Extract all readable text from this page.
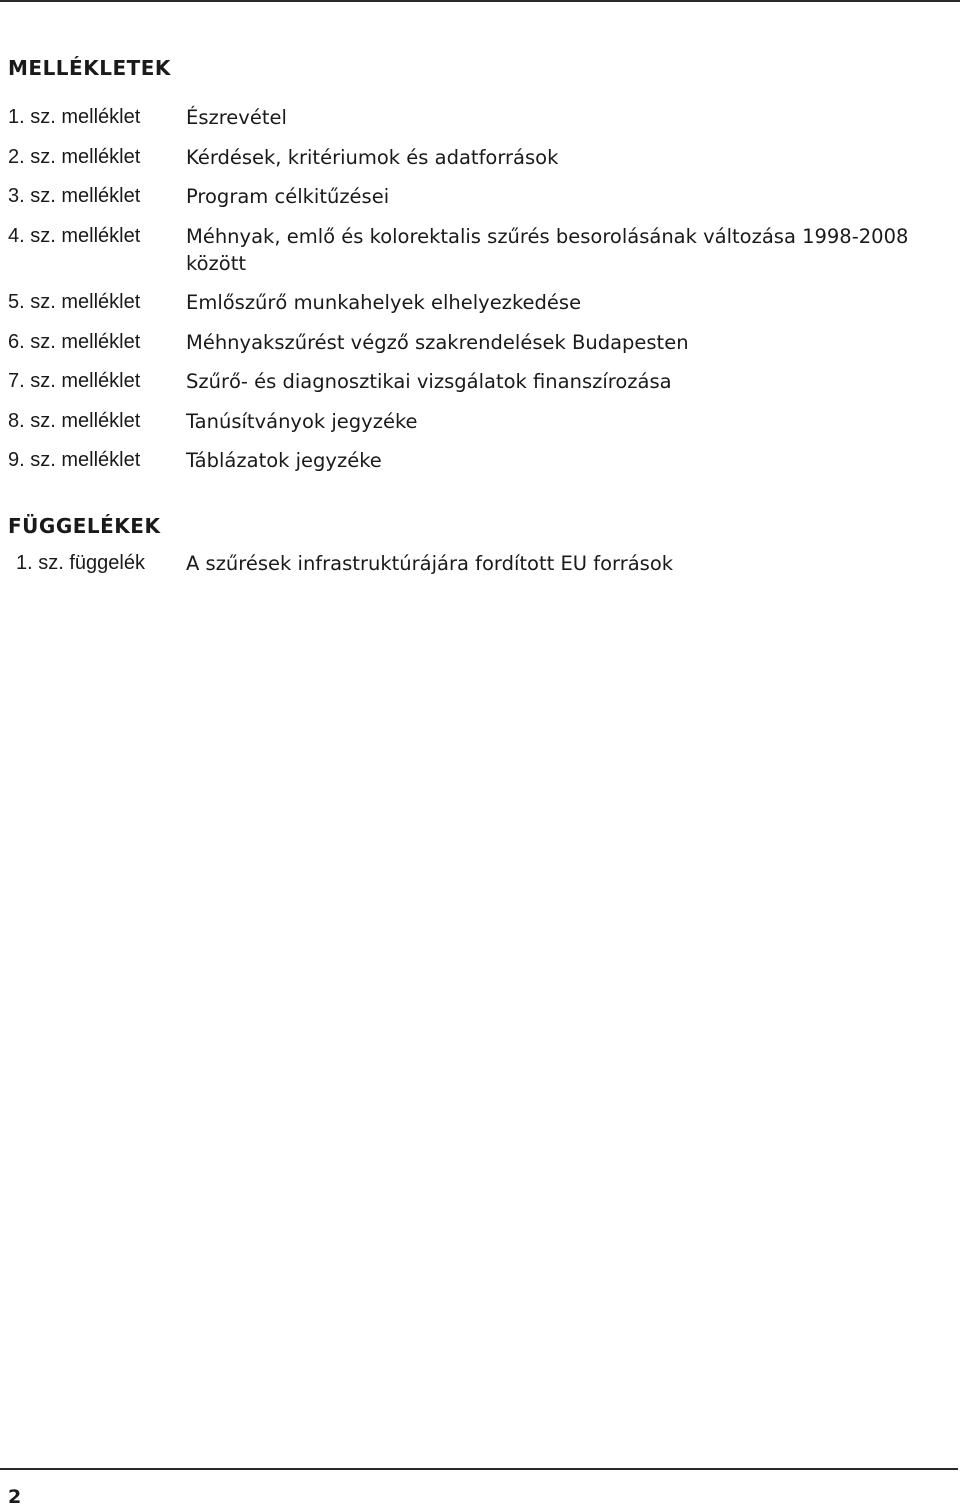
MELLÉKLETEK
1. sz. melléklet	Észrevétel
2. sz. melléklet	Kérdések, kritériumok és adatforrások
3. sz. melléklet	Program célkitűzései
4. sz. melléklet	Méhnyak, emlő és kolorektalis szűrés besorolásának változása 1998-2008 között
5. sz. melléklet	Emlőszűrő munkahelyek elhelyezkedése
6. sz. melléklet	Méhnyakszűrést végző szakrendelések Budapesten
7. sz. melléklet	Szűrő- és diagnosztikai vizsgálatok finanszírozása
8. sz. melléklet	Tanúsítványok jegyzéke
9. sz. melléklet	Táblázatok jegyzéke
FÜGGELÉKEK
1. sz. függelék	A szűrések infrastruktúrájára fordított EU források
2
